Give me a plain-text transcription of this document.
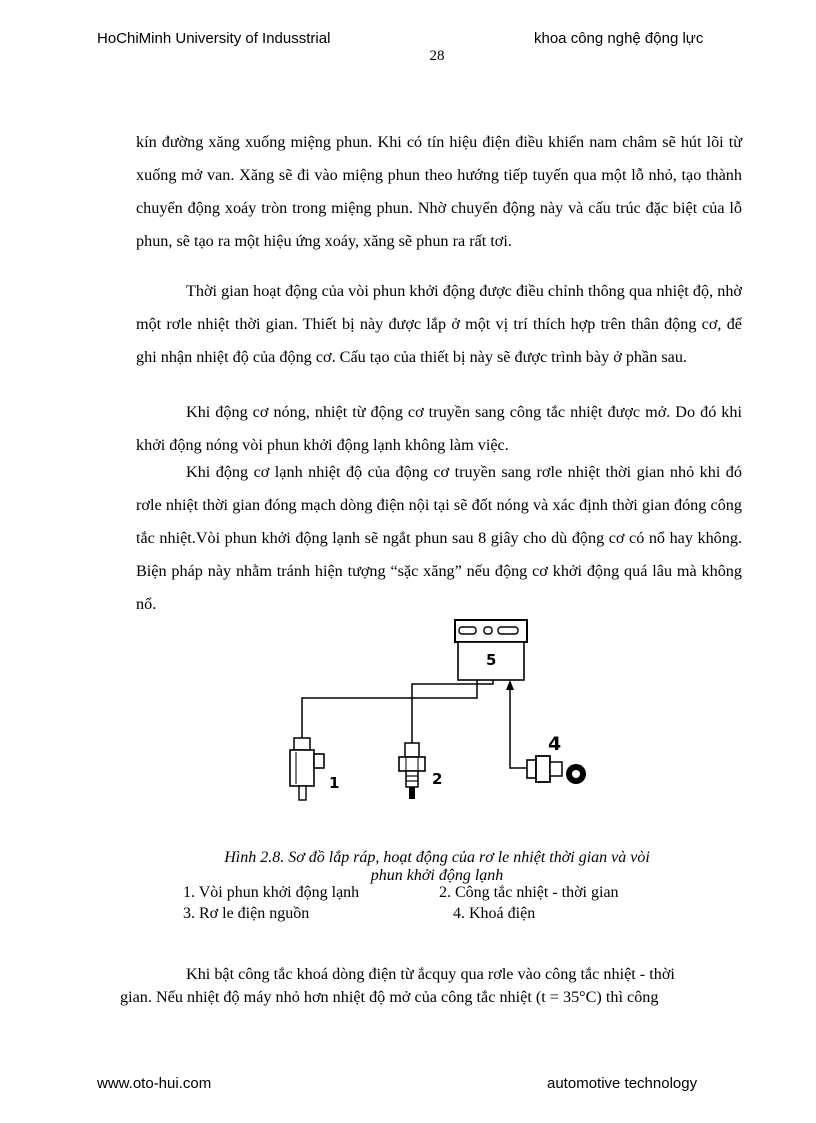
HoChiMinh University of Indusstrial	khoa công nghệ động lực
28

kín đường xăng xuống miệng phun. Khi có tín hiệu điện điều khiển nam châm sẽ hút lõi từ xuống mở van. Xăng sẽ đi vào miệng phun theo hướng tiếp tuyến qua một lỗ nhỏ, tạo thành chuyển động xoáy tròn trong miệng phun. Nhờ chuyển động này và cấu trúc đặc biệt của lỗ phun, sẽ tạo ra một hiệu ứng xoáy, xăng sẽ phun ra rất tơi.

Thời gian hoạt động của vòi phun khởi động được điều chỉnh thông qua nhiệt độ, nhờ một rơle nhiệt thời gian. Thiết bị này được lắp ở một vị trí thích hợp trên thân động cơ, để ghi nhận nhiệt độ của động cơ. Cấu tạo của thiết bị này sẽ được trình bày ở phần sau.

Khi động cơ nóng, nhiệt từ động cơ truyền sang công tắc nhiệt được mở. Do đó khi khởi động nóng vòi phun khởi động lạnh không làm việc.

Khi động cơ lạnh nhiệt độ của động cơ truyền sang rơle nhiệt thời gian nhỏ khi đó rơle nhiệt thời gian đóng mạch dòng điện nội tại sẽ đốt nóng và xác định thời gian đóng công tắc nhiệt.Vòi phun khởi động lạnh sẽ ngắt phun sau 8 giây cho dù động cơ có nổ hay không. Biện pháp này nhằm tránh hiện tượng “sặc xăng” nếu động cơ khởi động quá lâu mà không nổ.

5
1	2
4

Hình 2.8. Sơ đồ lắp ráp, hoạt động của rơ le nhiệt thời gian và vòi

phun khởi động lạnh

1. Vòi phun khởi động lạnh	2. Công tắc nhiệt - thời gian
3. Rơ le điện nguồn	4. Khoá điện

Khi bật công tắc khoá dòng điện từ ắcquy qua rơle vào công tắc nhiệt - thời

gian. Nếu nhiệt độ máy nhỏ hơn nhiệt độ mở của công tắc nhiệt (t = 35°C) thì công

www.oto-hui.com	automotive technology
